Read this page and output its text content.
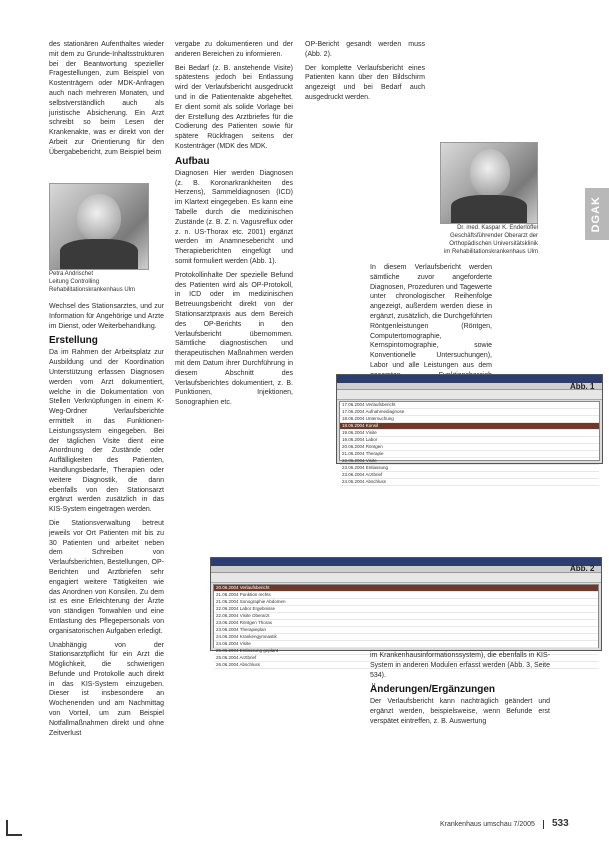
des stationären Aufenthaltes wieder mit dem zu Grunde-Inhaltsstrukturen bei der Beantwortung spezieller Fragestellungen, zum Beispiel von Kostenträgern oder MDK-Anfragen auch nach mehreren Monaten, und selbstverständlich auch als juristische Absicherung. Ein Arzt schreibt so beim Lesen der Krankenakte, was er direkt von der Arbeit zur Orientierung für den Übergabebericht, zum Beispiel beim

Petra Andrischet
Leitung Controlling
Rehabilitationskrankenhaus Ulm

Wechsel des Stationsarztes, und zur Information für Angehörige und Arzte im Dienst, oder Weiterbehandlung.

Erstellung

Da im Rahmen der Arbeitsplatz zur Ausbildung und der Koordination Unterstützung erfassen Diagnosen werden vom Arzt dokumentiert, welche in die Dokumentation von Stellen Verknüpfungen in einem K-Weg-Ordner Verlaufsberichte ermittelt in das Funktionen-Leistungssystem eingegeben. Bei der täglichen Visite dient eine Anordnung der Zustände oder Auffälligkeiten des Patienten, Handlungsbedarfe, Therapien oder weitere Diagnostik, die dann ebenfalls von den Stationsarzt ergänzt werden zusätzlich in das KIS-System eingetragen werden.

Die Stationsverwaltung betreut jeweils vor Ort Patienten mit bis zu 30 Patienten und arbeitet neben dem Schreiben von Verlaufsberichten, Bestellungen, OP-Berichten und Arztbriefen sehr engagiert weitere Tätigkeiten wie das Anordnen von Konsilen. Zu dem ist es eine Erleichterung der Ärzte von ständigen Tonwahlen und eine Entlastung des Pflegepersonals von organisatorischen Aufgaben erledigt.

Unabhängig von der Stationsarztpflicht für ein Arzt die Möglichkeit, die schwierigen Befunde und Protokolle auch direkt in das KIS-System einzugeben. Dieser ist insbesondere an Wochenenden und am Nachmittag von Vorteil, um zum Beispiel Notfallmaßnahmen direkt und ohne Zeitverlust

vergabe zu dokumentieren und der anderen Bereichen zu informieren.

Bei Bedarf (z. B. anstehende Visite) spätestens jedoch bei Entlassung wird der Verlaufsbericht ausgedruckt und in die Patientenakte abgeheftet. Er dient somit als solide Vorlage bei der Erstellung des Arztbriefes für die Codierung des Patienten sowie für spätere Rückfragen seitens der Kostenträger (MDK des MDK.

Aufbau

Diagnosen Hier werden Diagnosen (z. B. Koronarkrankheiten des Herzens), Sammeldiagnosen (ICD) im Klartext eingegeben. Es kann eine Tabelle durch die medizinischen Zustände (z. B. Z. n. Vagusreflux oder z. n. US-Thorax etc. 2001) ergänzt werden im Anamnesebericht und Therapieberichten eingefügt und somit formuliert werden (Abb. 1).

Protokollinhalte Der spezielle Befund des Patienten wird als OP-Protokoll, in ICD oder im medizinischen Betreuungsbericht direkt von der Stationsarztpraxis aus dem Bereich des OP-Berichts in den Verlaufsbericht übernommen. Sämtliche diagnostischen und therapeutischen Maßnahmen werden mit dem Datum ihrer Durchführung in diesem Abschnitt des Verlaufsberichtes dokumentiert, z. B. Punktionen, Injektionen, Sonographien etc.

OP-Bericht gesandt werden muss (Abb. 2).

Der komplette Verlaufsbericht eines Patienten kann über den Bildschirm angezeigt und bei Bedarf auch ausgedruckt werden.

Dr. med. Kaspar K. Enderlöffel
Geschäftsführender Oberarzt der
Orthopädischen Universitätsklinik
im Rehabilitationskrankenhaus Ulm

In diesem Verlaufsbericht werden sämtliche zuvor angeforderte Diagnosen, Prozeduren und Tagewerte unter chronologischer Reihenfolge angezeigt, außerdem werden diese in ergänzt, zusätzlich, die Durchgeführten Röntgenleistungen (Röntgen, Computertomographie, Kernspintomographie, sowie Konventionelle Untersuchungen), Labor und alle Leistungen aus dem

DGAK
17.06.2004 Verlaufsbericht
17.06.2004 Aufnahmediagnose
18.06.2004 Untersuchung
18.06.2004 Konsil
19.06.2004 Visite
19.06.2004 Labor
20.06.2004 Röntgen
21.06.2004 Therapie
22.06.2004 Visite
23.06.2004 Entlassung
23.06.2004 Arztbrief
24.06.2004 Abschluss
Abb. 1
20.06.2004 Verlaufsbericht
21.06.2004 Punktion rechts
21.06.2004 Sonographie Abdomen
22.06.2004 Labor Ergebnisse
22.06.2004 Visite Oberarzt
23.06.2004 Röntgen Thorax
23.06.2004 Therapieplan
24.06.2004 Krankengymnastik
24.06.2004 Visite
25.06.2004 Entlassung geplant
25.06.2004 Arztbrief
26.06.2004 Abschluss
Abb. 2

im Krankenhausinformationssystem), die ebenfalls in KIS-System in anderen Modulen erfasst werden (Abb. 3, Seite 534).

Änderungen/Ergänzungen

Der Verlaufsbericht kann nachträglich geändert und ergänzt werden, beispielsweise, wenn Befunde erst verspätet eintreffen, z. B. Auswertung

Krankenhaus umschau 7/2005 533
